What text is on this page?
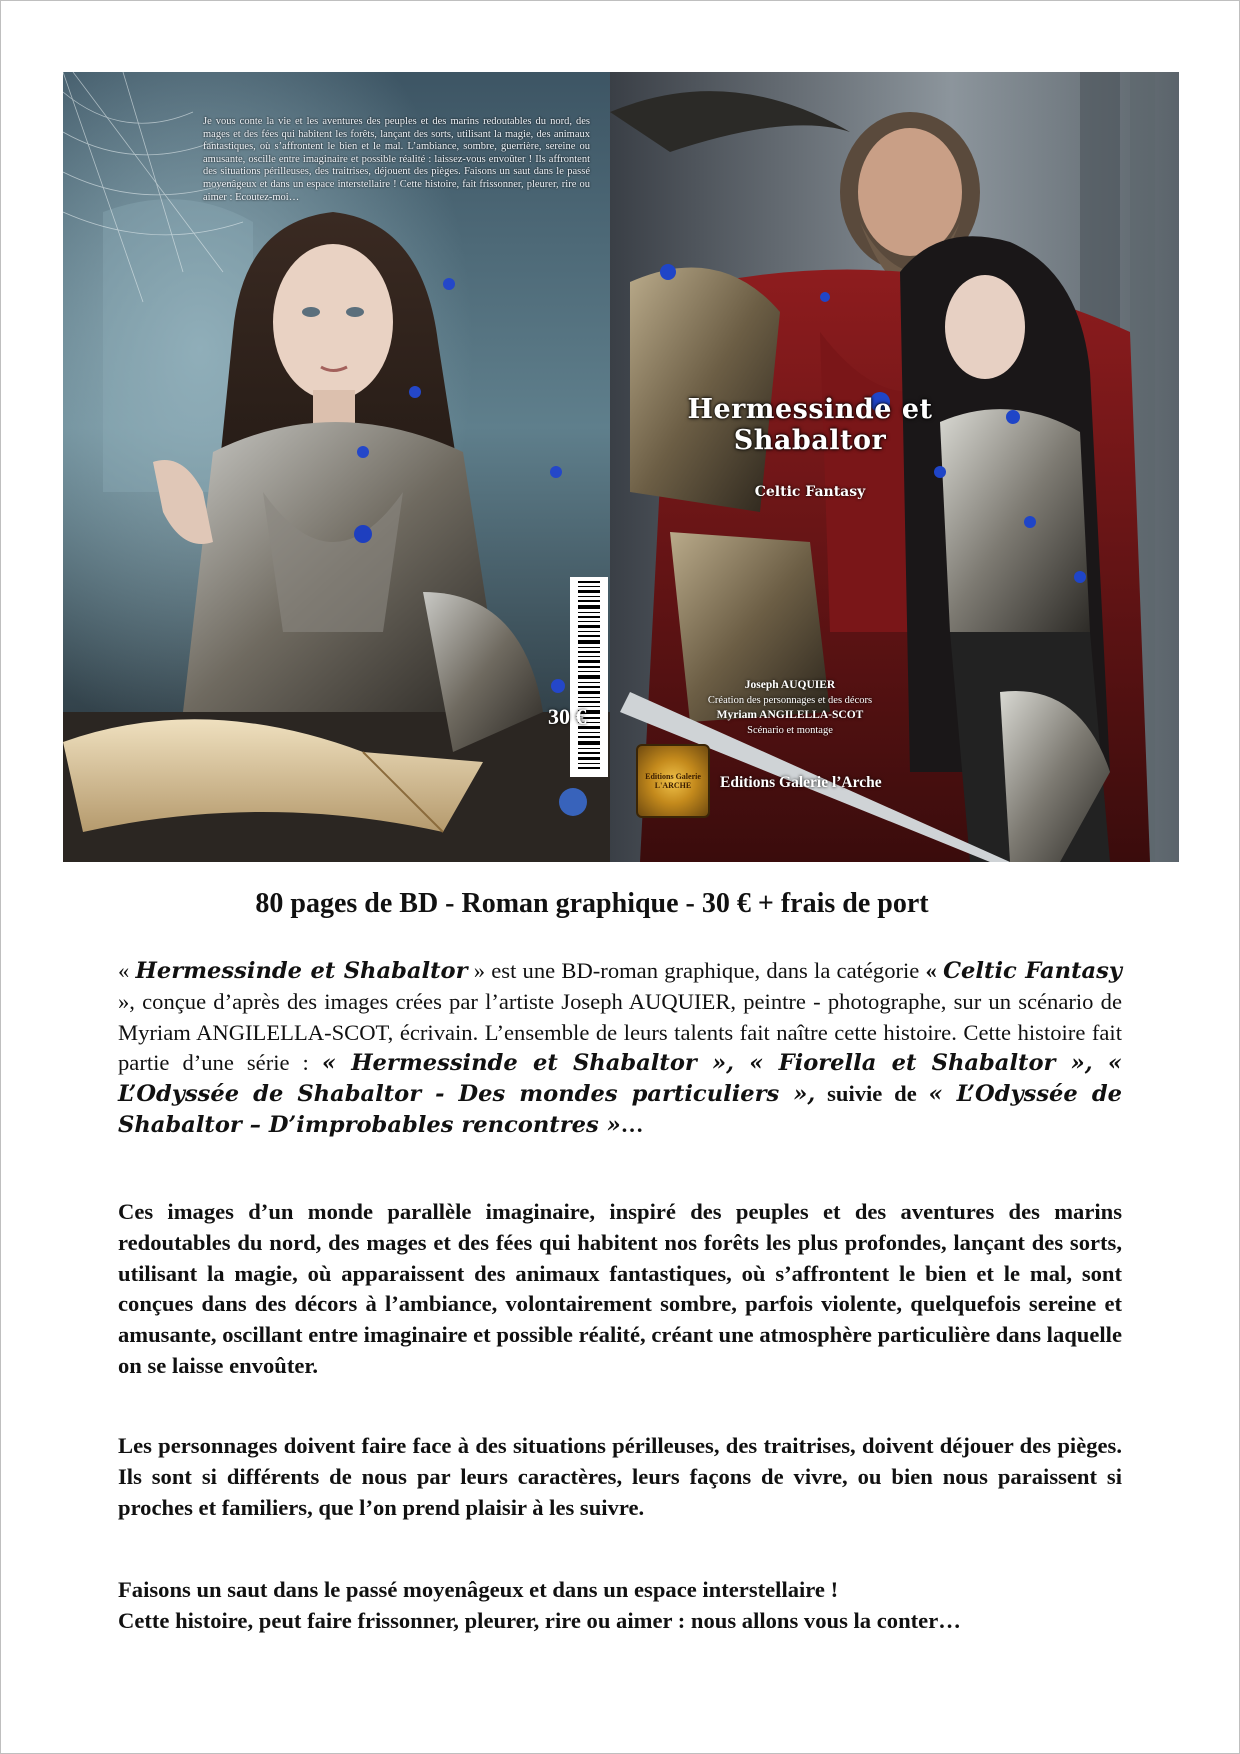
Je vous conte la vie et les aventures des peuples et des marins redoutables du nord, des mages et des fées qui habitent les forêts, lançant des sorts, utilisant la magie, des animaux fantastiques, où s’affrontent le bien et le mal. L’ambiance, sombre, guerrière, sereine ou amusante, oscille entre imaginaire et possible réalité : laissez-vous envoûter ! Ils affrontent des situations périlleuses, des traitrises, déjouent des pièges. Faisons un saut dans le passé moyenâgeux et dans un espace interstellaire ! Cette histoire, fait frissonner, pleurer, rire ou aimer : Ecoutez-moi…
30 €
Hermessinde et Shabaltor
Celtic Fantasy
Joseph AUQUIER
Création des personnages et des décors
Myriam ANGILELLA-SCOT
Scénario et montage
Editions Galerie L'ARCHE	Editions Galerie l’Arche
80 pages de BD - Roman graphique - 30 € + frais de port

« Hermessinde et Shabaltor » est une BD-roman graphique, dans la catégorie « Celtic Fantasy », conçue d’après des images crées par l’artiste Joseph AUQUIER, peintre - photographe, sur un scénario de Myriam ANGILELLA-SCOT, écrivain. L’ensemble de leurs talents fait naître cette histoire. Cette histoire fait partie d’une série : « Hermessinde et Shabaltor », « Fiorella et Shabaltor », « L’Odyssée de Shabaltor - Des mondes particuliers », suivie de « L’Odyssée de Shabaltor – D’improbables rencontres »…

Ces images d’un monde parallèle imaginaire, inspiré des peuples et des aventures des marins redoutables du nord, des mages et des fées qui habitent nos forêts les plus profondes, lançant des sorts, utilisant la magie, où apparaissent des animaux fantastiques, où s’affrontent le bien et le mal, sont conçues dans des décors à l’ambiance, volontairement sombre, parfois violente, quelquefois sereine et amusante, oscillant entre imaginaire et possible réalité, créant une atmosphère particulière dans laquelle on se laisse envoûter.

Les personnages doivent faire face à des situations périlleuses, des traitrises, doivent déjouer des pièges. Ils sont si différents de nous par leurs caractères, leurs façons de vivre, ou bien nous paraissent si proches et familiers, que l’on prend plaisir à les suivre.

Faisons un saut dans le passé moyenâgeux et dans un espace interstellaire !
Cette histoire, peut faire frissonner, pleurer, rire ou aimer : nous allons vous la conter…
